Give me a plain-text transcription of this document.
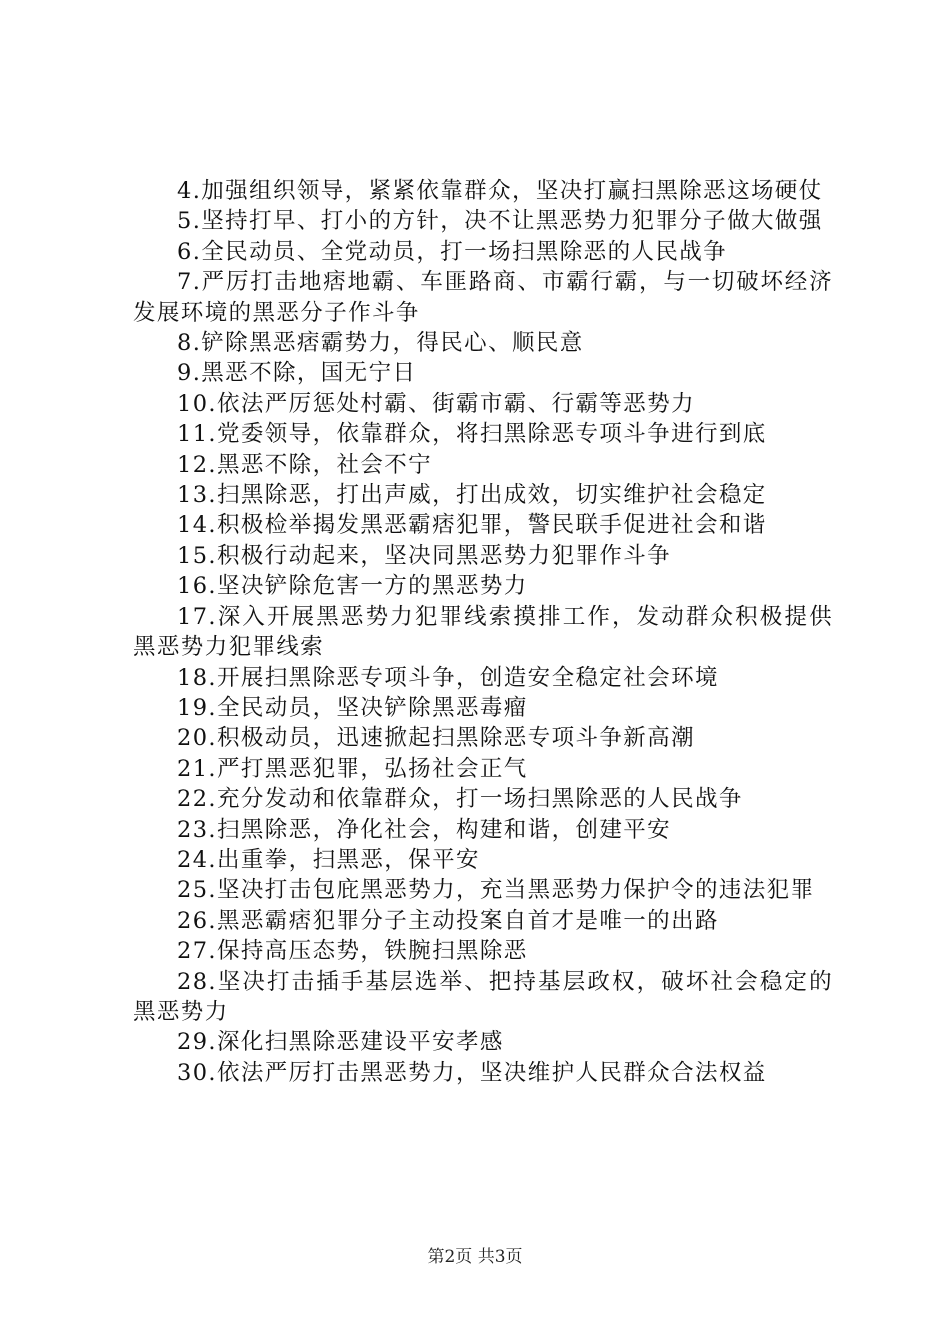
4.加强组织领导，紧紧依靠群众，坚决打赢扫黑除恶这场硬仗

5.坚持打早、打小的方针，决不让黑恶势力犯罪分子做大做强

6.全民动员、全党动员，打一场扫黑除恶的人民战争

7.严厉打击地痞地霸、车匪路商、市霸行霸，与一切破坏经济发展环境的黑恶分子作斗争

8.铲除黑恶痞霸势力，得民心、顺民意

9.黑恶不除，国无宁日

10.依法严厉惩处村霸、街霸市霸、行霸等恶势力

11.党委领导，依靠群众，将扫黑除恶专项斗争进行到底

12.黑恶不除，社会不宁

13.扫黑除恶，打出声威，打出成效，切实维护社会稳定

14.积极检举揭发黑恶霸痞犯罪，警民联手促进社会和谐

15.积极行动起来，坚决同黑恶势力犯罪作斗争

16.坚决铲除危害一方的黑恶势力

17.深入开展黑恶势力犯罪线索摸排工作，发动群众积极提供黑恶势力犯罪线索

18.开展扫黑除恶专项斗争，创造安全稳定社会环境

19.全民动员，坚决铲除黑恶毒瘤

20.积极动员，迅速掀起扫黑除恶专项斗争新高潮

21.严打黑恶犯罪，弘扬社会正气

22.充分发动和依靠群众，打一场扫黑除恶的人民战争

23.扫黑除恶，净化社会，构建和谐，创建平安

24.出重拳，扫黑恶，保平安

25.坚决打击包庇黑恶势力，充当黑恶势力保护令的违法犯罪

26.黑恶霸痞犯罪分子主动投案自首才是唯一的出路

27.保持高压态势，铁腕扫黑除恶

28.坚决打击插手基层选举、把持基层政权，破坏社会稳定的黑恶势力

29.深化扫黑除恶建设平安孝感

30.依法严厉打击黑恶势力，坚决维护人民群众合法权益

第2页 共3页
